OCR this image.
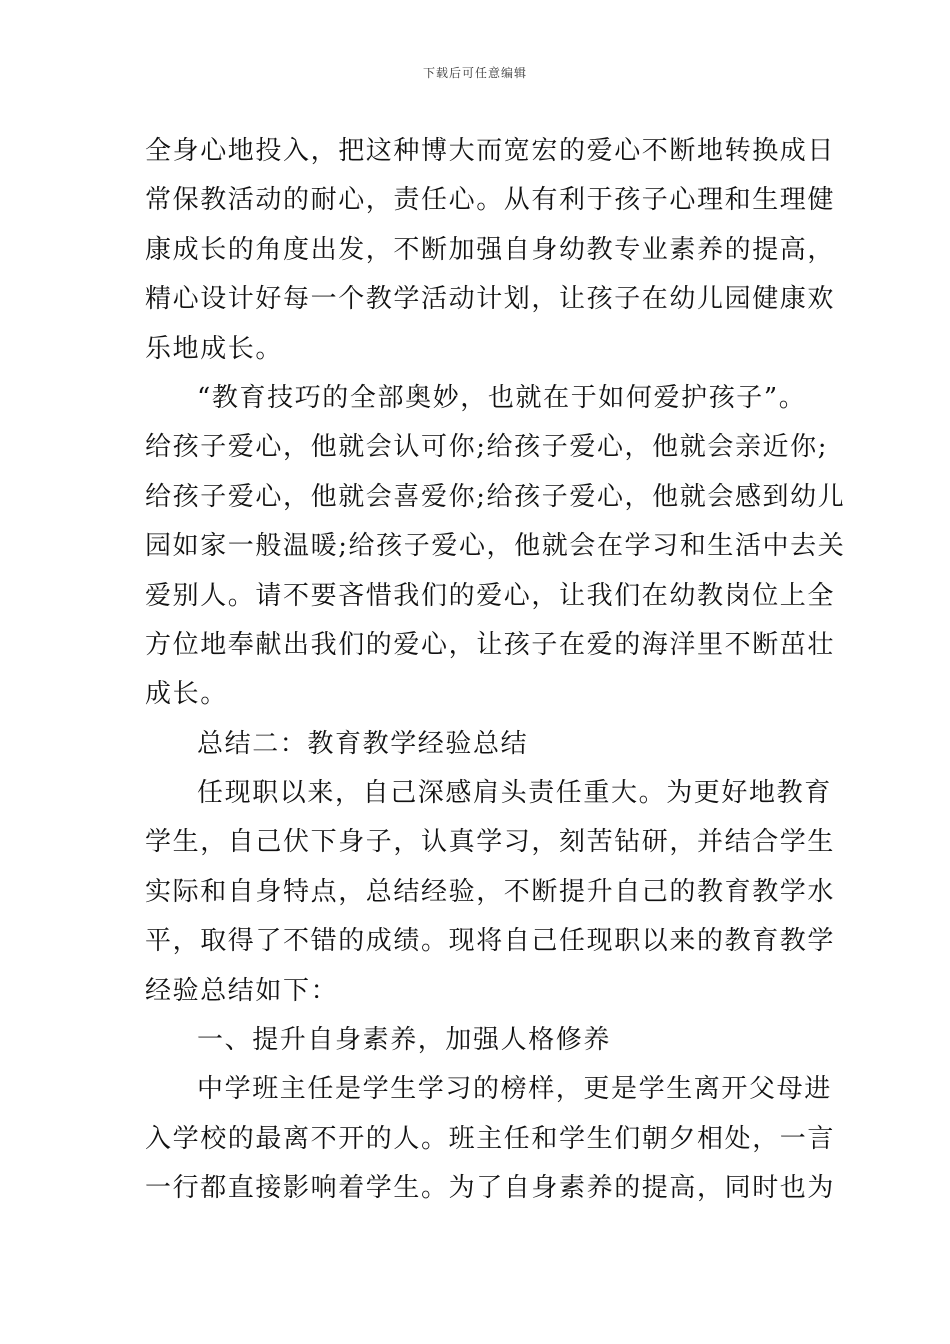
下载后可任意编辑
全身心地投入，把这种博大而宽宏的爱心不断地转换成日
常保教活动的耐心，责任心。从有利于孩子心理和生理健
康成长的角度出发，不断加强自身幼教专业素养的提高，
精心设计好每一个教学活动计划，让孩子在幼儿园健康欢
乐地成长。
“教育技巧的全部奥妙，也就在于如何爱护孩子”。
给孩子爱心，他就会认可你;给孩子爱心，他就会亲近你;
给孩子爱心，他就会喜爱你;给孩子爱心，他就会感到幼儿
园如家一般温暖;给孩子爱心，他就会在学习和生活中去关
爱别人。请不要吝惜我们的爱心，让我们在幼教岗位上全
方位地奉献出我们的爱心，让孩子在爱的海洋里不断茁壮
成长。
总结二：教育教学经验总结
任现职以来，自己深感肩头责任重大。为更好地教育
学生，自己伏下身子，认真学习，刻苦钻研，并结合学生
实际和自身特点，总结经验，不断提升自己的教育教学水
平，取得了不错的成绩。现将自己任现职以来的教育教学
经验总结如下：
一、提升自身素养，加强人格修养
中学班主任是学生学习的榜样，更是学生离开父母进
入学校的最离不开的人。班主任和学生们朝夕相处，一言
一行都直接影响着学生。为了自身素养的提高，同时也为
